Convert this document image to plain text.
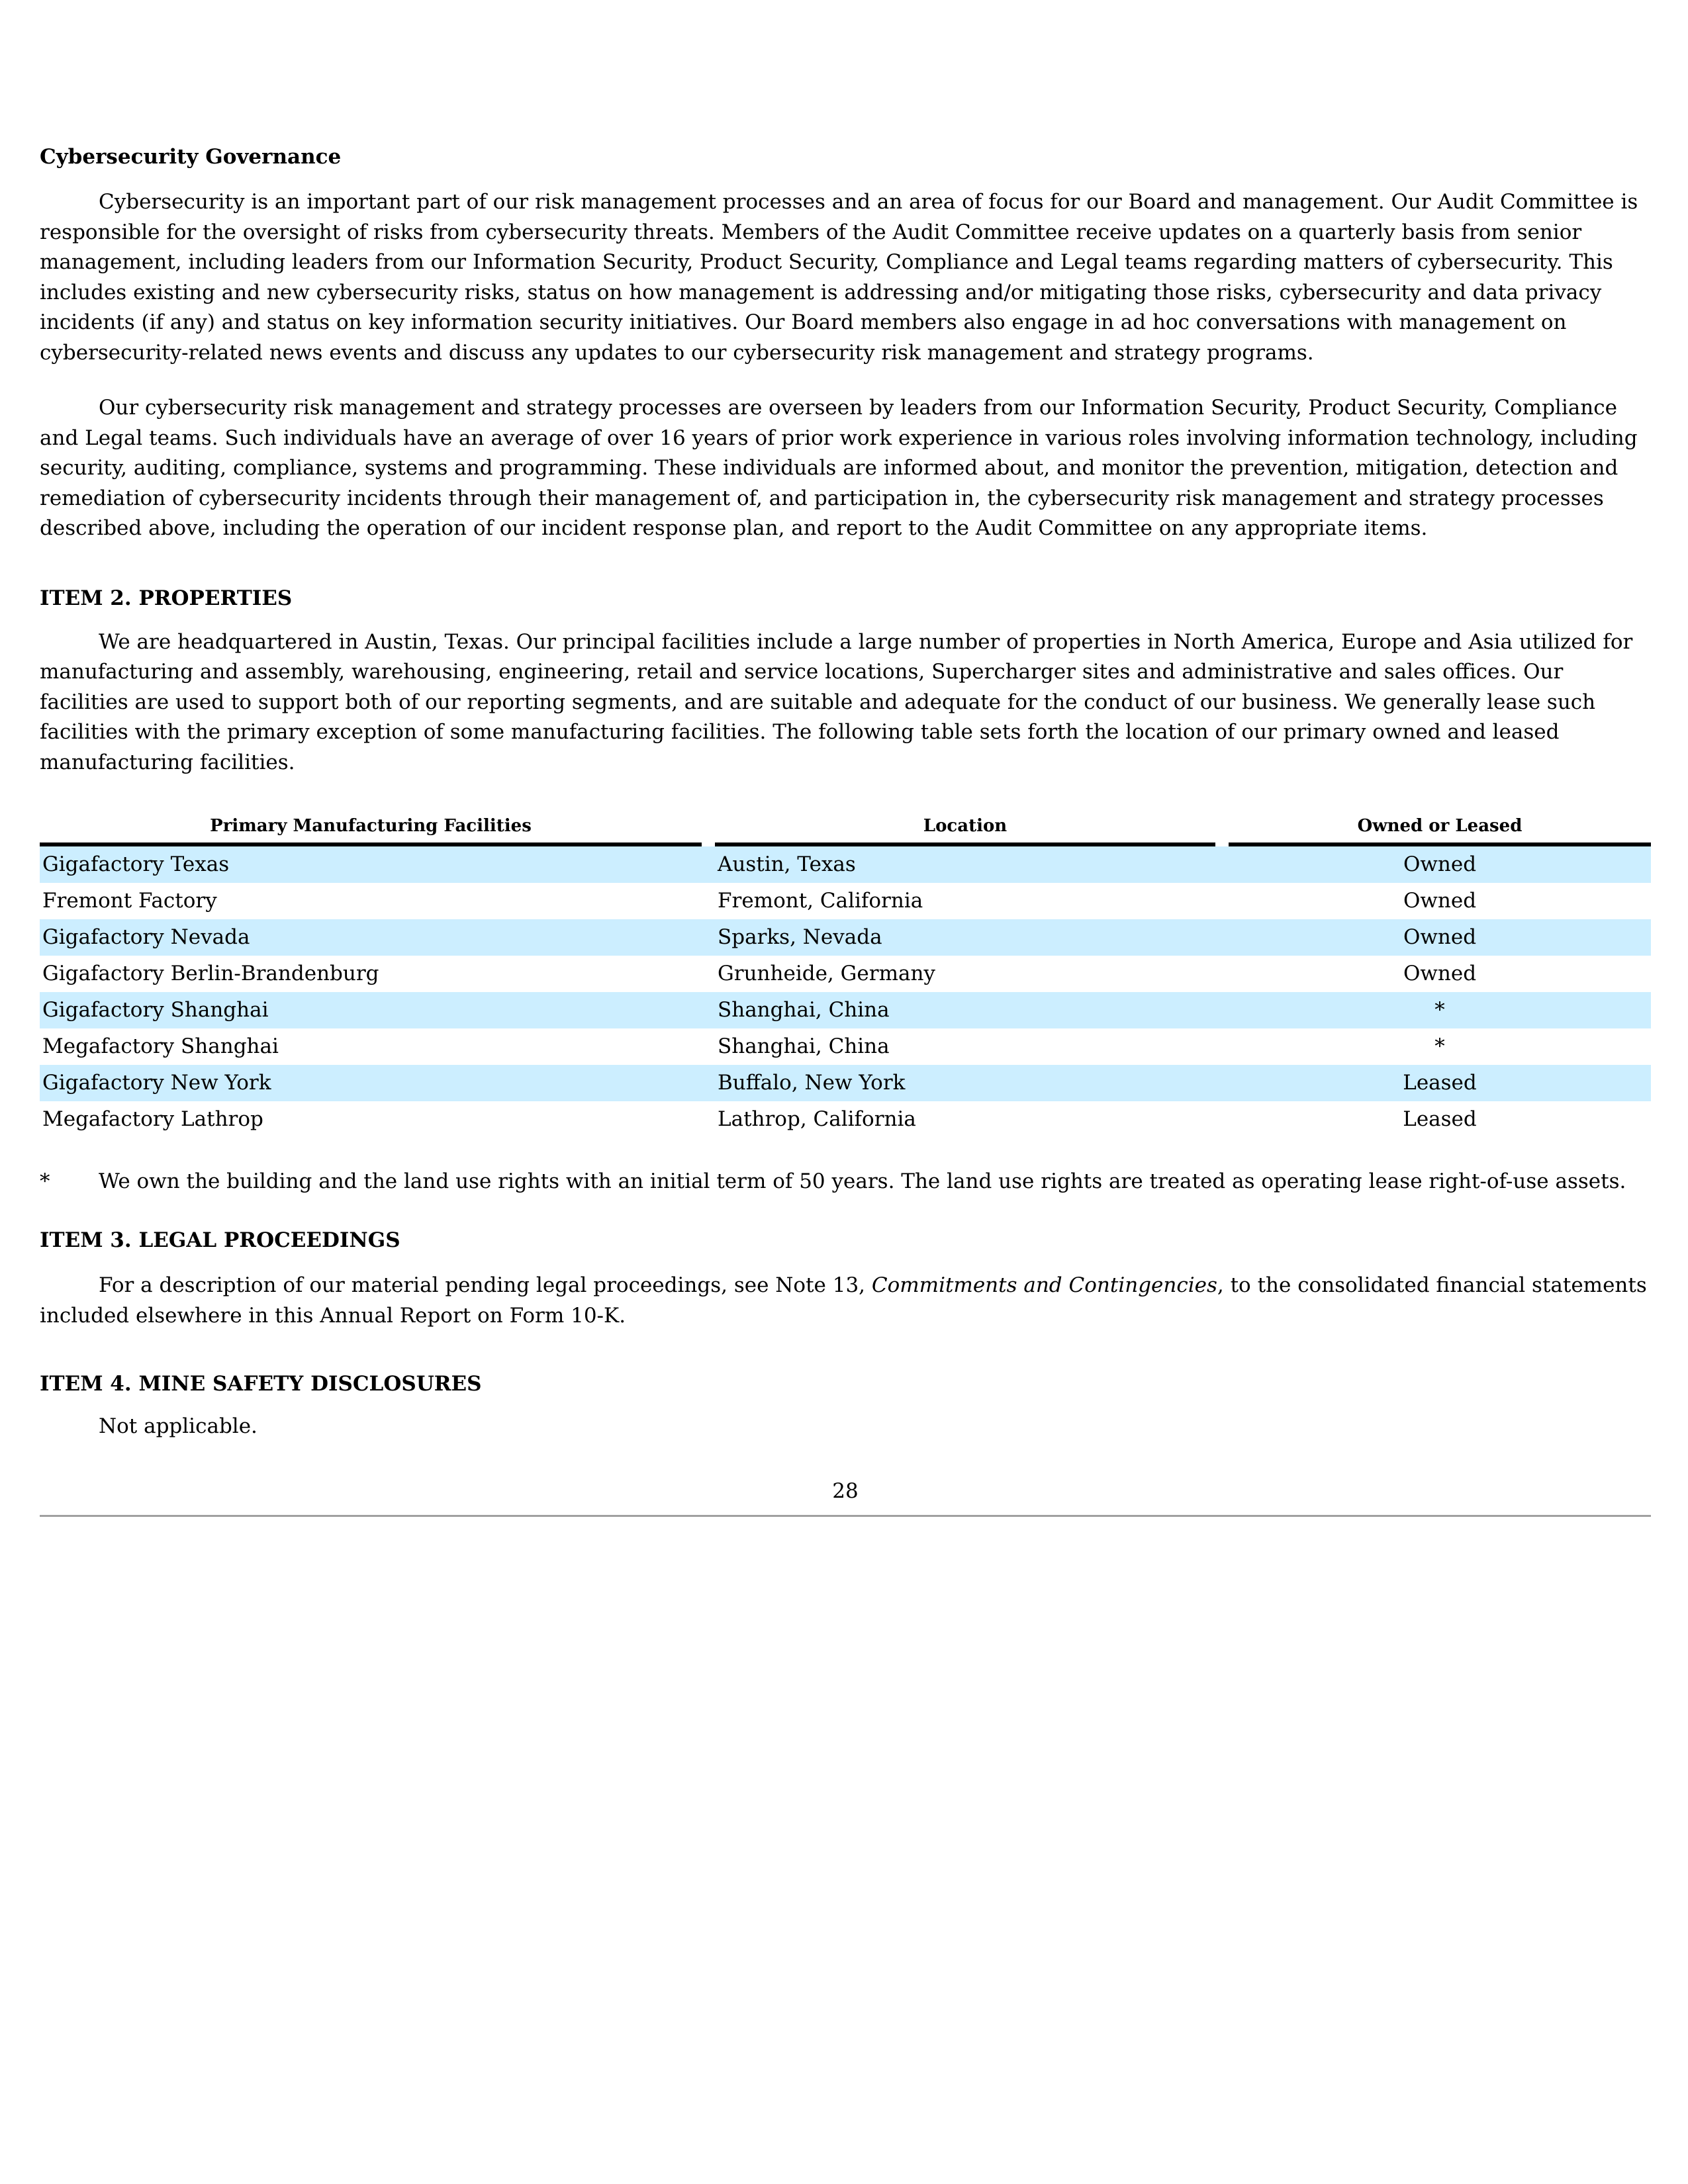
Cybersecurity Governance

Cybersecurity is an important part of our risk management processes and an area of focus for our Board and management. Our Audit Committee is responsible for the oversight of risks from cybersecurity threats. Members of the Audit Committee receive updates on a quarterly basis from senior management, including leaders from our Information Security, Product Security, Compliance and Legal teams regarding matters of cybersecurity. This includes existing and new cybersecurity risks, status on how management is addressing and/or mitigating those risks, cybersecurity and data privacy incidents (if any) and status on key information security initiatives. Our Board members also engage in ad hoc conversations with management on cybersecurity-related news events and discuss any updates to our cybersecurity risk management and strategy programs.

Our cybersecurity risk management and strategy processes are overseen by leaders from our Information Security, Product Security, Compliance and Legal teams. Such individuals have an average of over 16 years of prior work experience in various roles involving information technology, including security, auditing, compliance, systems and programming. These individuals are informed about, and monitor the prevention, mitigation, detection and remediation of cybersecurity incidents through their management of, and participation in, the cybersecurity risk management and strategy processes described above, including the operation of our incident response plan, and report to the Audit Committee on any appropriate items.

ITEM 2. PROPERTIES

We are headquartered in Austin, Texas. Our principal facilities include a large number of properties in North America, Europe and Asia utilized for manufacturing and assembly, warehousing, engineering, retail and service locations, Supercharger sites and administrative and sales offices. Our facilities are used to support both of our reporting segments, and are suitable and adequate for the conduct of our business. We generally lease such facilities with the primary exception of some manufacturing facilities. The following table sets forth the location of our primary owned and leased manufacturing facilities.

Primary Manufacturing Facilities		Location		Owned or Leased
Gigafactory Texas		Austin, Texas		Owned
Fremont Factory		Fremont, California		Owned
Gigafactory Nevada		Sparks, Nevada		Owned
Gigafactory Berlin-Brandenburg		Grunheide, Germany		Owned
Gigafactory Shanghai		Shanghai, China		*
Megafactory Shanghai		Shanghai, China		*
Gigafactory New York		Buffalo, New York		Leased
Megafactory Lathrop		Lathrop, California		Leased
*	We own the building and the land use rights with an initial term of 50 years. The land use rights are treated as operating lease right-of-use assets.
ITEM 3. LEGAL PROCEEDINGS

For a description of our material pending legal proceedings, see Note 13, Commitments and Contingencies, to the consolidated financial statements included elsewhere in this Annual Report on Form 10-K.

ITEM 4. MINE SAFETY DISCLOSURES

Not applicable.

28
